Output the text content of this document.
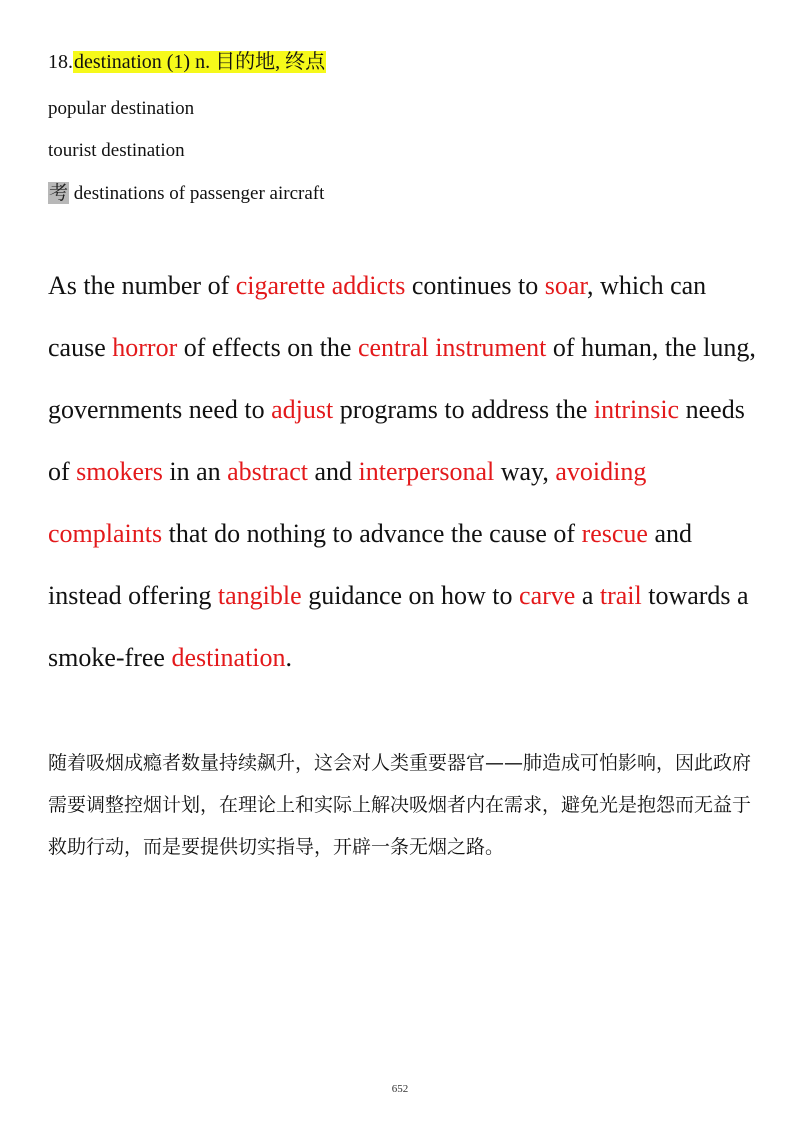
18.destination (1) n. 目的地, 终点
popular destination
tourist destination
考 destinations of passenger aircraft

As the number of cigarette addicts continues to soar, which can cause horror of effects on the central instrument of human, the lung, governments need to adjust programs to address the intrinsic needs of smokers in an abstract and interpersonal way, avoiding complaints that do nothing to advance the cause of rescue and instead offering tangible guidance on how to carve a trail towards a smoke-free destination.

随着吸烟成瘾者数量持续飙升，这会对人类重要器官——肺造成可怕影响，因此政府需要调整控烟计划，在理论上和实际上解决吸烟者内在需求，避免光是抱怨而无益于救助行动，而是要提供切实指导，开辟一条无烟之路。

652
